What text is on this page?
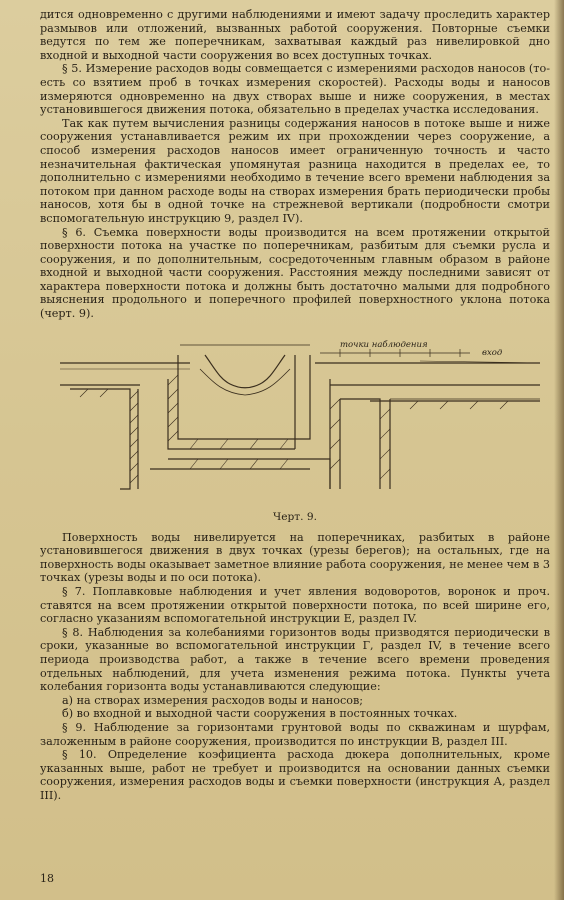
дится одновременно с другими наблюдениями и имеют задачу проследить характер размывов или отложений, вызванных работой сооружения. Повторные съемки ведутся по тем же поперечникам, захватывая каждый раз нивелировкой дно входной и выходной части сооружения во всех доступных точках.

§ 5. Измерение расходов воды совмещается с измерениями расходов наносов (то-есть со взятием проб в точках измерения скоростей). Расходы воды и наносов измеряются одновременно на двух створах выше и ниже сооружения, в местах установившегося движения потока, обязательно в пределах участка исследования.

Так как путем вычисления разницы содержания наносов в потоке выше и ниже сооружения устанавливается режим их при прохождении через сооружение, а способ измерения расходов наносов имеет ограниченную точность и часто незначительная фактическая упомянутая разница находится в пределах ее, то дополнительно с измерениями необходимо в течение всего времени наблюдения за потоком при данном расходе воды на створах измерения брать периодически пробы наносов, хотя бы в одной точке на стрежневой вертикали (подробности смотри вспомогательную инструкцию 9, раздел IV).

§ 6. Съемка поверхности воды производится на всем протяжении открытой поверхности потока на участке по поперечникам, разбитым для съемки русла и сооружения, и по дополнительным, сосредоточенным главным образом в районе входной и выходной части сооружения. Расстояния между последними зависят от характера поверхности потока и должны быть достаточно малыми для подробного выяснения продольного и поперечного профилей поверхностного уклона потока (черт. 9).

точки наблюдения
вход
Черт. 9.

Поверхность воды нивелируется на поперечниках, разбитых в районе установившегося движения в двух точках (урезы берегов); на остальных, где на поверхность воды оказывает заметное влияние работа сооружения, не менее чем в 3 точках (урезы воды и по оси потока).

§ 7. Поплавковые наблюдения и учет явления водоворотов, воронок и проч. ставятся на всем протяжении открытой поверхности потока, по всей ширине его, согласно указаниям вспомогательной инструкции Е, раздел IV.

§ 8. Наблюдения за колебаниями горизонтов воды призводятся периодически в сроки, указанные во вспомогательной инструкции Г, раздел IV, в течение всего периода производства работ, а также в течение всего времени проведения отдельных наблюдений, для учета изменения режима потока. Пункты учета колебания горизонта воды устанавливаются следующие:

а) на створах измерения расходов воды и наносов;

б) во входной и выходной части сооружения в постоянных точках.

§ 9. Наблюдение за горизонтами грунтовой воды по скважинам и шурфам, заложенным в районе сооружения, производится по инструкции В, раздел III.

§ 10. Определение коэфициента расхода дюкера дополнительных, кроме указанных выше, работ не требует и производится на основании данных съемки сооружения, измерения расходов воды и съемки поверхности (инструкция А, раздел III).

18
